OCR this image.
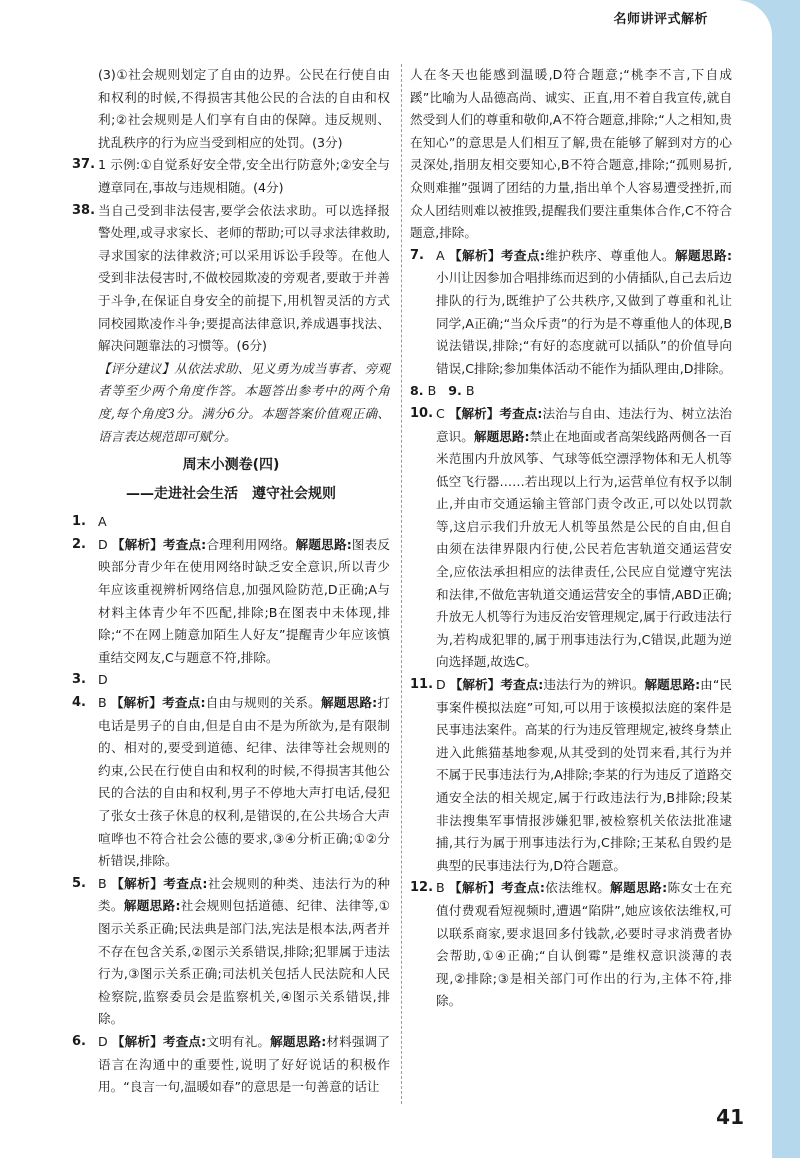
名师讲评式解析
(3)①社会规则划定了自由的边界。公民在行使自由和权利的时候,不得损害其他公民的合法的自由和权利;②社会规则是人们享有自由的保障。违反规则、扰乱秩序的行为应当受到相应的处罚。(3分)
37. 1 示例:①自觉系好安全带,安全出行防意外;②安全与遵章同在,事故与违规相随。(4分)
38. 当自己受到非法侵害,要学会依法求助。可以选择报警处理,或寻求家长、老师的帮助;可以寻求法律救助,寻求国家的法律救济;可以采用诉讼手段等。在他人受到非法侵害时,不做校园欺凌的旁观者,要敢于并善于斗争,在保证自身安全的前提下,用机智灵活的方式同校园欺凌作斗争;要提高法律意识,养成遇事找法、解决问题靠法的习惯等。(6分)
【评分建议】从依法求助、见义勇为成当事者、旁观者等至少两个角度作答。本题答出参考中的两个角度,每个角度3分。满分6分。本题答案价值观正确、语言表达规范即可赋分。
周末小测卷(四)
——走进社会生活　遵守社会规则
1. A
2. D 【解析】考查点:合理利用网络。解题思路:图表反映部分青少年在使用网络时缺乏安全意识,所以青少年应该重视辨析网络信息,加强风险防范,D正确;A与材料主体青少年不匹配,排除;B在图表中未体现,排除;“不在网上随意加陌生人好友”提醒青少年应该慎重结交网友,C与题意不符,排除。
3. D
4. B 【解析】考查点:自由与规则的关系。解题思路:打电话是男子的自由,但是自由不是为所欲为,是有限制的、相对的,要受到道德、纪律、法律等社会规则的约束,公民在行使自由和权利的时候,不得损害其他公民的合法的自由和权利,男子不停地大声打电话,侵犯了张女士孩子休息的权利,是错误的,在公共场合大声喧哗也不符合社会公德的要求,③④分析正确;①②分析错误,排除。
5. B 【解析】考查点:社会规则的种类、违法行为的种类。解题思路:社会规则包括道德、纪律、法律等,①图示关系正确;民法典是部门法,宪法是根本法,两者并不存在包含关系,②图示关系错误,排除;犯罪属于违法行为,③图示关系正确;司法机关包括人民法院和人民检察院,监察委员会是监察机关,④图示关系错误,排除。
6. D 【解析】考查点:文明有礼。解题思路:材料强调了语言在沟通中的重要性,说明了好好说话的积极作用。“良言一句,温暖如春”的意思是一句善意的话让
人在冬天也能感到温暖,D符合题意;“桃李不言,下自成蹊”比喻为人品德高尚、诚实、正直,用不着自我宣传,就自然受到人们的尊重和敬仰,A不符合题意,排除;“人之相知,贵在知心”的意思是人们相互了解,贵在能够了解到对方的心灵深处,指朋友相交要知心,B不符合题意,排除;“孤则易折,众则难摧”强调了团结的力量,指出单个人容易遭受挫折,而众人团结则难以被推毁,提醒我们要注重集体合作,C不符合题意,排除。
7. A 【解析】考查点:维护秩序、尊重他人。解题思路:小川让因参加合唱排练而迟到的小倩插队,自己去后边排队的行为,既维护了公共秩序,又做到了尊重和礼让同学,A正确;“当众斥责”的行为是不尊重他人的体现,B说法错误,排除;“有好的态度就可以插队”的价值导向错误,C排除;参加集体活动不能作为插队理由,D排除。
8. B 9. B
10. C 【解析】考查点:法治与自由、违法行为、树立法治意识。解题思路:禁止在地面或者高架线路两侧各一百米范围内升放风筝、气球等低空漂浮物体和无人机等低空飞行器……若出现以上行为,运营单位有权予以制止,并由市交通运输主管部门责令改正,可以处以罚款等,这启示我们升放无人机等虽然是公民的自由,但自由须在法律界限内行使,公民若危害轨道交通运营安全,应依法承担相应的法律责任,公民应自觉遵守宪法和法律,不做危害轨道交通运营安全的事情,ABD正确;升放无人机等行为违反治安管理规定,属于行政违法行为,若构成犯罪的,属于刑事违法行为,C错误,此题为逆向选择题,故选C。
11. D 【解析】考查点:违法行为的辨识。解题思路:由“民事案件模拟法庭”可知,可以用于该模拟法庭的案件是民事违法案件。高某的行为违反管理规定,被终身禁止进入此熊猫基地参观,从其受到的处罚来看,其行为并不属于民事违法行为,A排除;李某的行为违反了道路交通安全法的相关规定,属于行政违法行为,B排除;段某非法搜集军事情报涉嫌犯罪,被检察机关依法批准逮捕,其行为属于刑事违法行为,C排除;王某私自毁约是典型的民事违法行为,D符合题意。
12. B 【解析】考查点:依法维权。解题思路:陈女士在充值付费观看短视频时,遭遇“陷阱”,她应该依法维权,可以联系商家,要求退回多付钱款,必要时寻求消费者协会帮助,①④正确;“自认倒霉”是维权意识淡薄的表现,②排除;③是相关部门可作出的行为,主体不符,排除。
41
